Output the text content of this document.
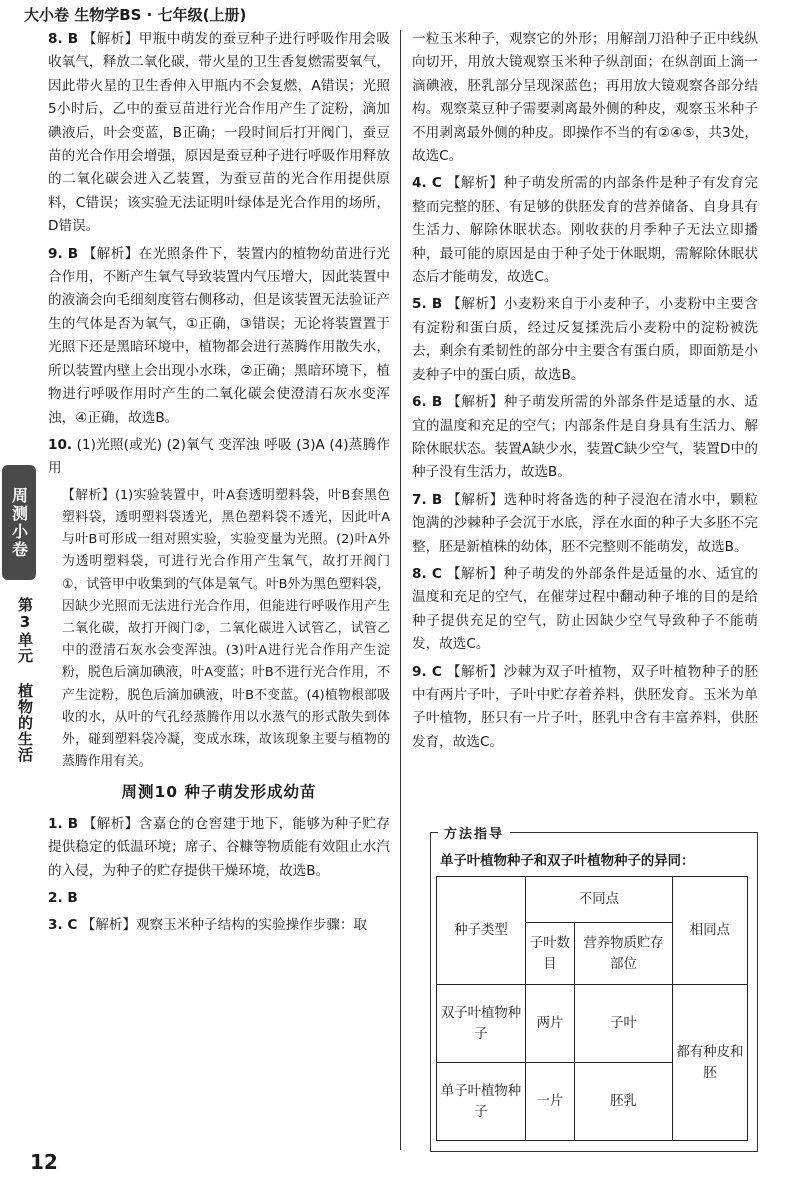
大小卷 生物学BS · 七年级(上册)
周测小卷
第3单元 植物的生活

8. B 【解析】甲瓶中萌发的蚕豆种子进行呼吸作用会吸收氧气，释放二氧化碳，带火星的卫生香复燃需要氧气，因此带火星的卫生香伸入甲瓶内不会复燃，A错误；光照5小时后，乙中的蚕豆苗进行光合作用产生了淀粉，滴加碘液后，叶会变蓝，B正确；一段时间后打开阀门，蚕豆苗的光合作用会增强，原因是蚕豆种子进行呼吸作用释放的二氧化碳会进入乙装置，为蚕豆苗的光合作用提供原料，C错误；该实验无法证明叶绿体是光合作用的场所，D错误。

9. B 【解析】在光照条件下，装置内的植物幼苗进行光合作用，不断产生氧气导致装置内气压增大，因此装置中的液滴会向毛细刻度管右侧移动，但是该装置无法验证产生的气体是否为氧气，①正确，③错误；无论将装置置于光照下还是黑暗环境中，植物都会进行蒸腾作用散失水，所以装置内壁上会出现小水珠，②正确；黑暗环境下，植物进行呼吸作用时产生的二氧化碳会使澄清石灰水变浑浊，④正确，故选B。

10. (1)光照(或光) (2)氧气 变浑浊 呼吸 (3)A (4)蒸腾作用

【解析】(1)实验装置中，叶A套透明塑料袋，叶B套黑色塑料袋，透明塑料袋透光，黑色塑料袋不透光，因此叶A与叶B可形成一组对照实验，实验变量为光照。(2)叶A外为透明塑料袋，可进行光合作用产生氧气，故打开阀门①，试管甲中收集到的气体是氧气。叶B外为黑色塑料袋，因缺少光照而无法进行光合作用，但能进行呼吸作用产生二氧化碳，故打开阀门②，二氧化碳进入试管乙，试管乙中的澄清石灰水会变浑浊。(3)叶A进行光合作用产生淀粉，脱色后滴加碘液，叶A变蓝；叶B不进行光合作用，不产生淀粉，脱色后滴加碘液，叶B不变蓝。(4)植物根部吸收的水，从叶的气孔经蒸腾作用以水蒸气的形式散失到体外，碰到塑料袋冷凝，变成水珠，故该现象主要与植物的蒸腾作用有关。

周测10 种子萌发形成幼苗

1. B 【解析】含嘉仓的仓窖建于地下，能够为种子贮存提供稳定的低温环境；席子、谷糠等物质能有效阻止水汽的入侵，为种子的贮存提供干燥环境，故选B。

2. B

3. C 【解析】观察玉米种子结构的实验操作步骤：取

一粒玉米种子，观察它的外形；用解剖刀沿种子正中线纵向切开，用放大镜观察玉米种子纵剖面；在纵剖面上滴一滴碘液，胚乳部分呈现深蓝色；再用放大镜观察各部分结构。观察菜豆种子需要剥离最外侧的种皮，观察玉米种子不用剥离最外侧的种皮。即操作不当的有②④⑤，共3处，故选C。

4. C 【解析】种子萌发所需的内部条件是种子有发育完整而完整的胚、有足够的供胚发育的营养储备、自身具有生活力、解除休眠状态。刚收获的月季种子无法立即播种，最可能的原因是由于种子处于休眠期，需解除休眠状态后才能萌发，故选C。

5. B 【解析】小麦粉来自于小麦种子，小麦粉中主要含有淀粉和蛋白质，经过反复揉洗后小麦粉中的淀粉被洗去，剩余有柔韧性的部分中主要含有蛋白质，即面筋是小麦种子中的蛋白质，故选B。

6. B 【解析】种子萌发所需的外部条件是适量的水、适宜的温度和充足的空气；内部条件是自身具有生活力、解除休眠状态。装置A缺少水，装置C缺少空气，装置D中的种子没有生活力，故选B。

7. B 【解析】选种时将备选的种子浸泡在清水中，颗粒饱满的沙棘种子会沉于水底，浮在水面的种子大多胚不完整，胚是新植株的幼体，胚不完整则不能萌发，故选B。

8. C 【解析】种子萌发的外部条件是适量的水、适宜的温度和充足的空气，在催芽过程中翻动种子堆的目的是给种子提供充足的空气，防止因缺少空气导致种子不能萌发，故选C。

9. C 【解析】沙棘为双子叶植物，双子叶植物种子的胚中有两片子叶，子叶中贮存着养料，供胚发育。玉米为单子叶植物，胚只有一片子叶，胚乳中含有丰富养料，供胚发育，故选C。

方法指导
单子叶植物种子和双子叶植物种子的异同：
种子类型	不同点		相同点
	子叶数目	营养物质贮存部位	
双子叶植物种子	两片	子叶	都有种皮和胚
单子叶植物种子	一片	胚乳	
12
